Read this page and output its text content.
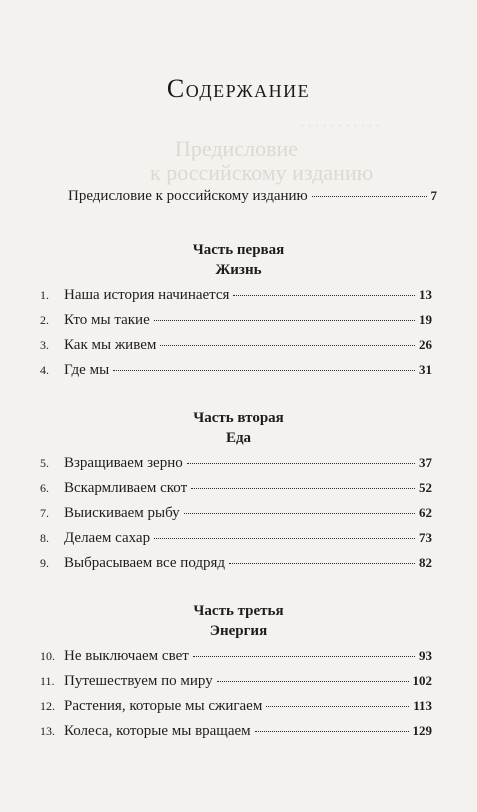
· · · · · · · · · · ·
Предисловие
к российскому изданию
Содержание
Предисловие к российскому изданию	7
Часть первая
Жизнь
1.	Наша история начинается	13
2.	Кто мы такие	19
3.	Как мы живем	26
4.	Где мы	31
Часть вторая
Еда
5.	Взращиваем зерно	37
6.	Вскармливаем скот	52
7.	Выискиваем рыбу	62
8.	Делаем сахар	73
9.	Выбрасываем все подряд	82
Часть третья
Энергия
10. Не выключаем свет	93
11. Путешествуем по миру	102
12. Растения, которые мы сжигаем	113
13. Колеса, которые мы вращаем	129
